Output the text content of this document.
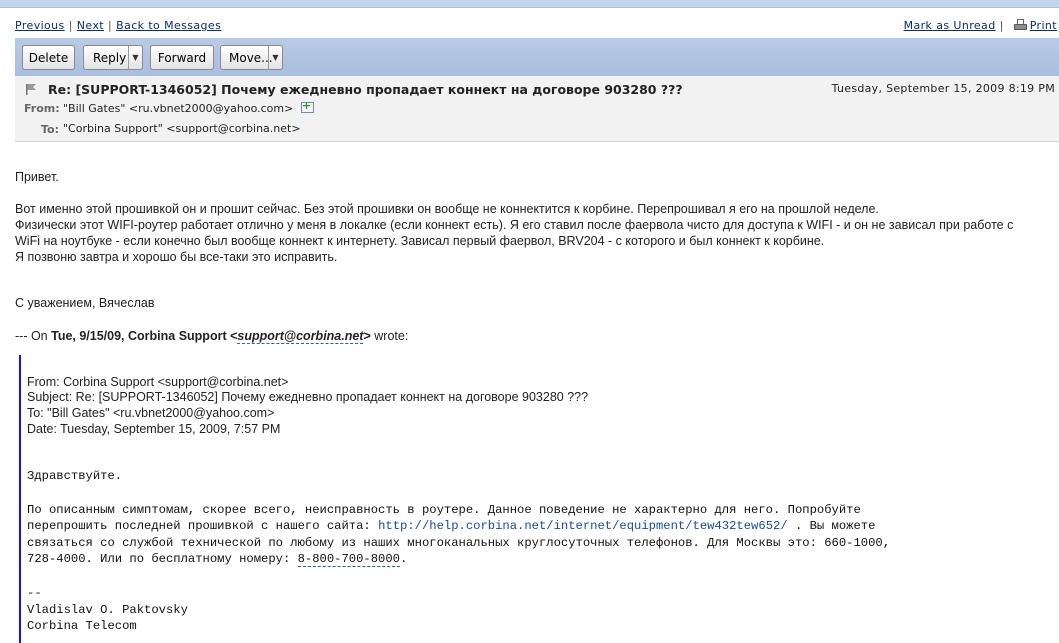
Previous | Next | Back to Messages	Mark as Unread | Print
Delete Reply ▼ Forward Move... ▼
Re: [SUPPORT-1346052] Почему ежедневно пропадает коннект на договоре 903280 ???	Tuesday, September 15, 2009 8:19 PM
From: "Bill Gates" <ru.vbnet2000@yahoo.com> +
To: "Corbina Support" <support@corbina.net>
Привет.
Вот именно этой прошивкой он и прошит сейчас. Без этой прошивки он вообще не коннектится к корбине. Перепрошивал я его на прошлой неделе.
Физически этот WIFI-роутер работает отлично у меня в локалке (если коннект есть). Я его ставил после фаервола чисто для доступа к WIFI - и он не зависал при работе с
WiFi на ноутбуке - если конечно был вообще коннект к интернету. Зависал первый фаервол, BRV204 - с которого и был коннект к корбине.
Я позвоню завтра и хорошо бы все-таки это исправить.
С уважением, Вячеслав
--- On Tue, 9/15/09, Corbina Support <support@corbina.net> wrote:
From: Corbina Support <support@corbina.net>
Subject: Re: [SUPPORT-1346052] Почему ежедневно пропадает коннект на договоре 903280 ???
To: "Bill Gates" <ru.vbnet2000@yahoo.com>
Date: Tuesday, September 15, 2009, 7:57 PM
Здравствуйте.
По описанным симптомам, скорее всего, неисправность в роутере. Данное поведение не характерно для него. Попробуйте
перепрошить последней прошивкой с нашего сайта: http://help.corbina.net/internet/equipment/tew432tew652/ . Вы можете
связаться со службой технической по любому из наших многоканальных круглосуточных телефонов. Для Москвы это: 660-1000,
728-4000. Или по бесплатному номеру: 8-800-700-8000.
--
Vladislav O. Paktovsky
Corbina Telecom
